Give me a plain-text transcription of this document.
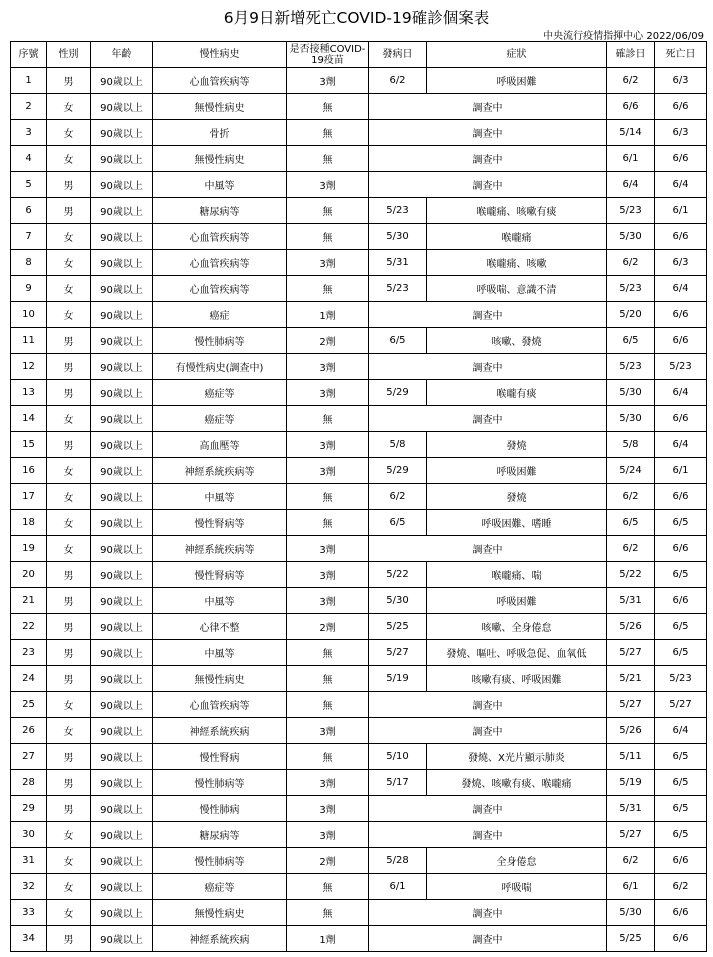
6月9日新增死亡COVID-19確診個案表
中央流行疫情指揮中心 2022/06/09
序號	性別	年齡	慢性病史	是否接種COVID-19疫苗	發病日	症狀	確診日	死亡日
1	男	90歲以上	心血管疾病等	3劑	6/2	呼吸困難	6/2	6/3
2	女	90歲以上	無慢性病史	無	調查中		6/6	6/6
3	女	90歲以上	骨折	無	調查中		5/14	6/3
4	女	90歲以上	無慢性病史	無	調查中		6/1	6/6
5	男	90歲以上	中風等	3劑	調查中		6/4	6/4
6	男	90歲以上	糖尿病等	無	5/23	喉嚨痛、咳嗽有痰	5/23	6/1
7	女	90歲以上	心血管疾病等	無	5/30	喉嚨痛	5/30	6/6
8	女	90歲以上	心血管疾病等	3劑	5/31	喉嚨痛、咳嗽	6/2	6/3
9	女	90歲以上	心血管疾病等	無	5/23	呼吸喘、意識不清	5/23	6/4
10	女	90歲以上	癌症	1劑	調查中		5/20	6/6
11	男	90歲以上	慢性肺病等	2劑	6/5	咳嗽、發燒	6/5	6/6
12	男	90歲以上	有慢性病史(調查中)	3劑	調查中		5/23	5/23
13	男	90歲以上	癌症等	3劑	5/29	喉嚨有痰	5/30	6/4
14	女	90歲以上	癌症等	無	調查中		5/30	6/6
15	男	90歲以上	高血壓等	3劑	5/8	發燒	5/8	6/4
16	女	90歲以上	神經系統疾病等	3劑	5/29	呼吸困難	5/24	6/1
17	女	90歲以上	中風等	無	6/2	發燒	6/2	6/6
18	女	90歲以上	慢性腎病等	無	6/5	呼吸困難、嗜睡	6/5	6/5
19	女	90歲以上	神經系統疾病等	3劑	調查中		6/2	6/6
20	男	90歲以上	慢性腎病等	3劑	5/22	喉嚨痛、喘	5/22	6/5
21	男	90歲以上	中風等	3劑	5/30	呼吸困難	5/31	6/6
22	男	90歲以上	心律不整	2劑	5/25	咳嗽、全身倦怠	5/26	6/5
23	男	90歲以上	中風等	無	5/27	發燒、嘔吐、呼吸急促、血氧低	5/27	6/5
24	男	90歲以上	無慢性病史	無	5/19	咳嗽有痰、呼吸困難	5/21	5/23
25	女	90歲以上	心血管疾病等	無	調查中		5/27	5/27
26	女	90歲以上	神經系統疾病	3劑	調查中		5/26	6/4
27	男	90歲以上	慢性腎病	無	5/10	發燒、X光片顯示肺炎	5/11	6/5
28	男	90歲以上	慢性肺病等	3劑	5/17	發燒、咳嗽有痰、喉嚨痛	5/19	6/5
29	男	90歲以上	慢性肺病	3劑	調查中		5/31	6/5
30	女	90歲以上	糖尿病等	3劑	調查中		5/27	6/5
31	女	90歲以上	慢性肺病等	2劑	5/28	全身倦怠	6/2	6/6
32	女	90歲以上	癌症等	無	6/1	呼吸喘	6/1	6/2
33	女	90歲以上	無慢性病史	無	調查中		5/30	6/6
34	男	90歲以上	神經系統疾病	1劑	調查中		5/25	6/6
